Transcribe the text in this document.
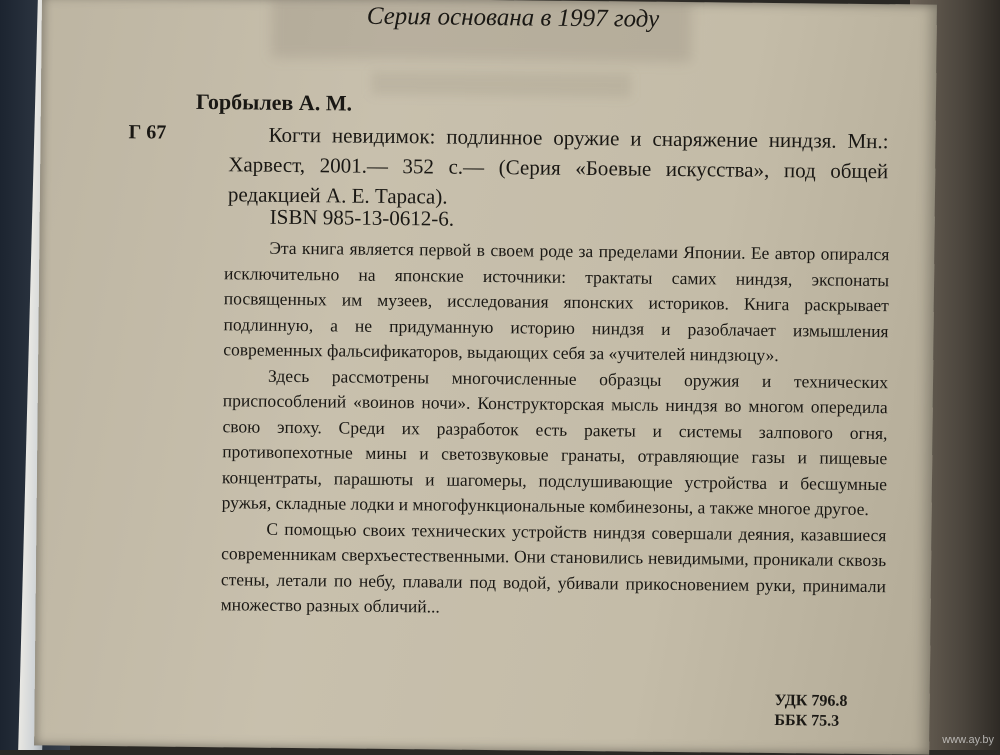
Серия основана в 1997 году
Горбылев А. М.
Г 67	Когти невидимок: подлинное оружие и снаряжение ниндзя. Мн.: Харвест, 2001.— 352 с.— (Серия «Боевые искусства», под общей редакцией А. Е. Тараса).

ISBN 985-13-0612-6.

Эта книга является первой в своем роде за пределами Японии. Ее автор опирался исключительно на японские источники: трактаты самих ниндзя, экспонаты посвященных им музеев, исследования японских историков. Книга раскрывает подлинную, а не придуманную историю ниндзя и разоблачает измышления современных фальсификаторов, выдающих себя за «учителей ниндзюцу».

Здесь рассмотрены многочисленные образцы оружия и технических приспособлений «воинов ночи». Конструкторская мысль ниндзя во многом опередила свою эпоху. Среди их разработок есть ракеты и системы залпового огня, противопехотные мины и светозвуковые гранаты, отравляющие газы и пищевые концентраты, парашюты и шагомеры, подслушивающие устройства и бесшумные ружья, складные лодки и многофункциональные комбинезоны, а также многое другое.

С помощью своих технических устройств ниндзя совершали деяния, казавшиеся современникам сверхъестественными. Они становились невидимыми, проникали сквозь стены, летали по небу, плавали под водой, убивали прикосновением руки, принимали множество разных обличий...

УДК 796.8
ББК 75.3
www.ay.by
